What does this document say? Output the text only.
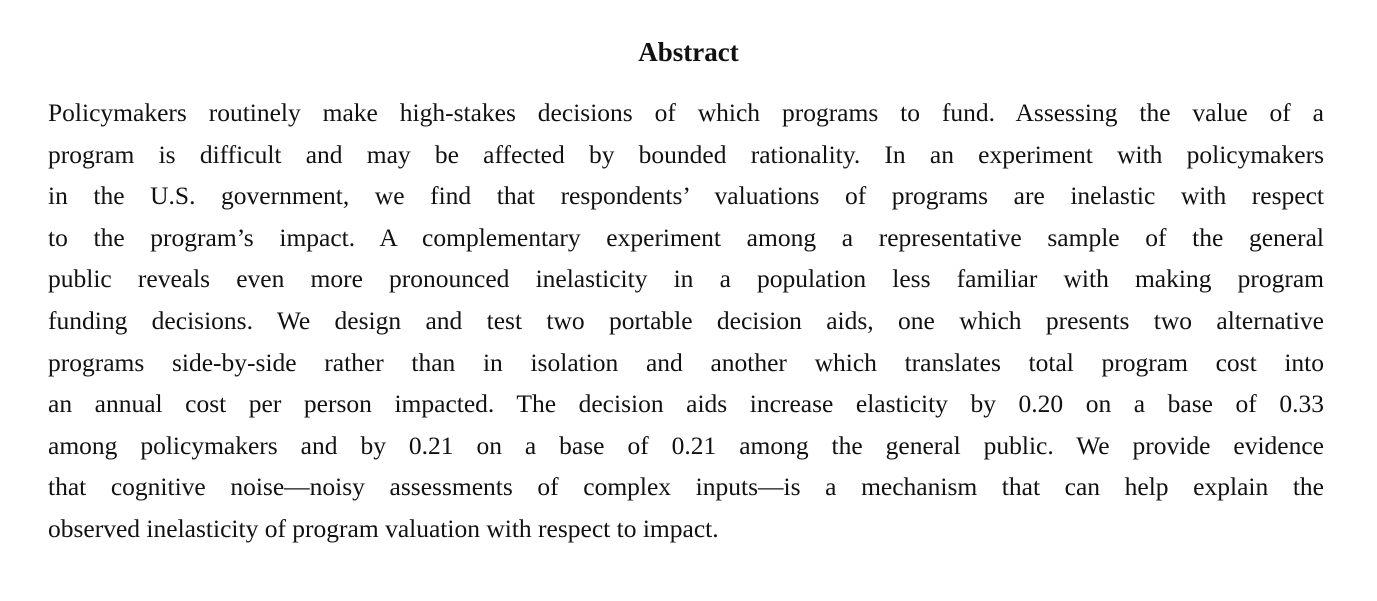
Abstract
Policymakers routinely make high-stakes decisions of which programs to fund. Assessing the value of a
program is difficult and may be affected by bounded rationality. In an experiment with policymakers
in the U.S. government, we find that respondents’ valuations of programs are inelastic with respect
to the program’s impact. A complementary experiment among a representative sample of the general
public reveals even more pronounced inelasticity in a population less familiar with making program
funding decisions. We design and test two portable decision aids, one which presents two alternative
programs side-by-side rather than in isolation and another which translates total program cost into
an annual cost per person impacted. The decision aids increase elasticity by 0.20 on a base of 0.33
among policymakers and by 0.21 on a base of 0.21 among the general public. We provide evidence
that cognitive noise—noisy assessments of complex inputs—is a mechanism that can help explain the
observed inelasticity of program valuation with respect to impact.
